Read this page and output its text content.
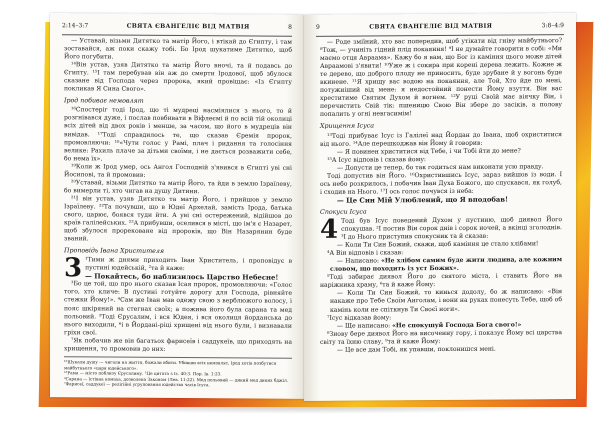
2:14–3:7	СВЯТА ЄВАНГЕЛІЄ ВІД МАТВІЯ	8

— Уставай, візьми Дитятко та матір Його, і втікай до Єгипту, і там зоставайся, аж поки скажу тобі. Бо Ірод шукатиме Дитятко, щоб Його погубити.

¹⁴Він устав, узяв Дитятко та матір Його вночі, та й подавсь до Єгипту. ¹⁵І там перебував він аж до смерти Іродової, щоб збулося сказане від Господа через пророка, який провіщає: «Із Єгипту покликав Я Сина Свого».

Ірод побиває немовлят

¹⁶Спостеріг тоді Ірод, що ті мудреці насміялися з нього, то й розгнівався дуже, і послав повбивати в Віфлеємі й по всій тій околиці всіх дітей від двох років і менше, за часом, що його в мудреців він вивідав. ¹⁷Тоді справдилось те, що сказав Єремія пророк, промовляючи: ¹⁸«Чути голос у Рамі, плач і ридання та голосіння велике: Рахиль плаче за дітьми своїми, і не дається розважити себе, бо нема їх».

¹⁹Коли ж Ірод умер, ось Ангол Господній з'явився в Єгипті уві сні Йосипові, та й промовив:

²⁰Уставай, візьми Дитятко та матір Його, та йди в землю Ізраїлеву, бо вимерли ті, хто чигав на душу Дитини.

²¹І він устав, узяв Дитятко та матір Його, і прийшов у землю Ізраїлеву. ²²Та почувши, що в Юдеї Архелай, замість Ірода, батька свого, царює, боявся туди йти. А уві сні остережений, відійшов до країв галілейських. ²³А прибувши, оселився в місті, що ім'я є Назарет, щоб збулося прорековане від пророків, що Він Назарянин буде званий.

Проповідь Івана Христителя

3 ¹Тими ж днями приходить Іван Христитель, і проповідує в пустині юдейській, ²та й каже:

— Покайтесь, бо наблизилось Царство Небесне!

³Бо це той, що про нього сказав Ісая пророк, промовляючи: «Голос того, хто кличе: В пустині готуйте дорогу для Господа, рівняйте стежки Йому!». ⁴Сам же Іван мав одежу свою з верблюжого волосу, і пояс шкіряний на стегнах своїх; а пожива його була сарана та мед польовий. ⁵Тоді Єрусалим, і вся Юдея, і вся околиця йорданська до нього виходили, ⁶і в Йордані-ріці хрищені від нього були, і визнавали гріхи свої.

⁷Як побачив же він багатьох фарисеїв і саддукеїв, що приходять на хрищення, то промовив до них:

¹⁶Шукали душу — чигали на життя, бажали вбити. Убивши всіх немовлят, Ірод хотів позбутися майбутнього «царя юдейського».

¹⁸Рама — місто поблизу Єрусалиму. ³Це цитата з Іс. 40:3. Пор. Ів. 1:23.

⁴Сарана — їстівна комаха, дозволена Законом (Лев. 11:22). Мед польовий — дикий мед диких бджіл.

⁷Фарисеї, саддукеї — релігійні угруповання юдейства часів Ісуса.

9	СВЯТА ЄВАНГЕЛІЄ ВІД МАТВІЯ	3:8–4:9

— Роде зміїний, хто вас попередив, щоб утікати від гніву майбутнього? ⁸Тож, — учиніть гідний плід покаяння! ⁹І не думайте говорити в собі: «Ми маємо отця Авраама». Кажу бо я вам, що Бог із каміння цього може дітей Авраамові з'явити! ¹⁰Уже ж і сокира при корені дерева лежить. Кожне ж те дерево, що доброго плоду не приносить, буде зрубане й у вогонь буде вкинене. ¹¹Я хрищу вас водою на покаяння, але Той, Хто йде по мені, потужніший від мене: я недостойний понести Йому взуття. Він вас хреститиме Святим Духом й вогнем. ¹²У руці Своїй має віячку Він, і перечистить Свій тік: пшеницю Свою Він збере до засіків, а полову попалить у огні невгасимім!

Хрищення Ісуса

¹³Тоді прибуває Ісус із Галілеї над Йордан до Івана, щоб охриститися від нього. ¹⁴Але перешкоджав він Йому й говорив:

— Я повинен христитися від Тебе, і чи Тобі йти до мене?

¹⁵А Ісус відповів і сказав йому:

— Допусти це тепер, бо так годиться нам виконати усю правду.

Тоді допустив він Його. ¹⁶Охристившись Ісус, зараз вийшов із води. І ось небо розкрилось, і побачив Іван Духа Божого, що спускався, як голуб, і сходив на Нього. ¹⁷І ось голос почувся із неба:

— Це Син Мій Улюблений, що Я вподобав!

Спокуси Ісуса

4 Тоді був Ісус поведений Духом у пустиню, щоб диявол Його спокушав. ²І постив Він сорок днів і сорок ночей, а вкінці зголоднів. ³І до Нього приступив спокусник та й сказав:

— Коли Ти Син Божий, скажи, щоб каміння це стало хлібами!

⁴А Він відповів і сказав:

— Написано: «Не хлібом самим буде жити людина, але кожним словом, що походить із уст Божих».

⁵Тоді забирає диявол Його до святого міста, і ставить Його на наріжника храму, ⁶та й каже Йому:

— Коли Ти Син Божий, то кинься додолу, бо ж написано: «Він накаже про Тебе Своїм Анголам, і вони на руках понесуть Тебе, щоб об камінь коли не спіткнув Ти Своєї ноги».

⁷Ісус відказав йому:

— Ще написано: «Не спокушуй Господа Бога свого!»

⁸Знову бере диявол Його на височенну гору, і показує Йому всі царства світу та їхню славу, ⁹та й каже Йому:

— Це все дам Тобі, як упавши, поклонишся мені.
